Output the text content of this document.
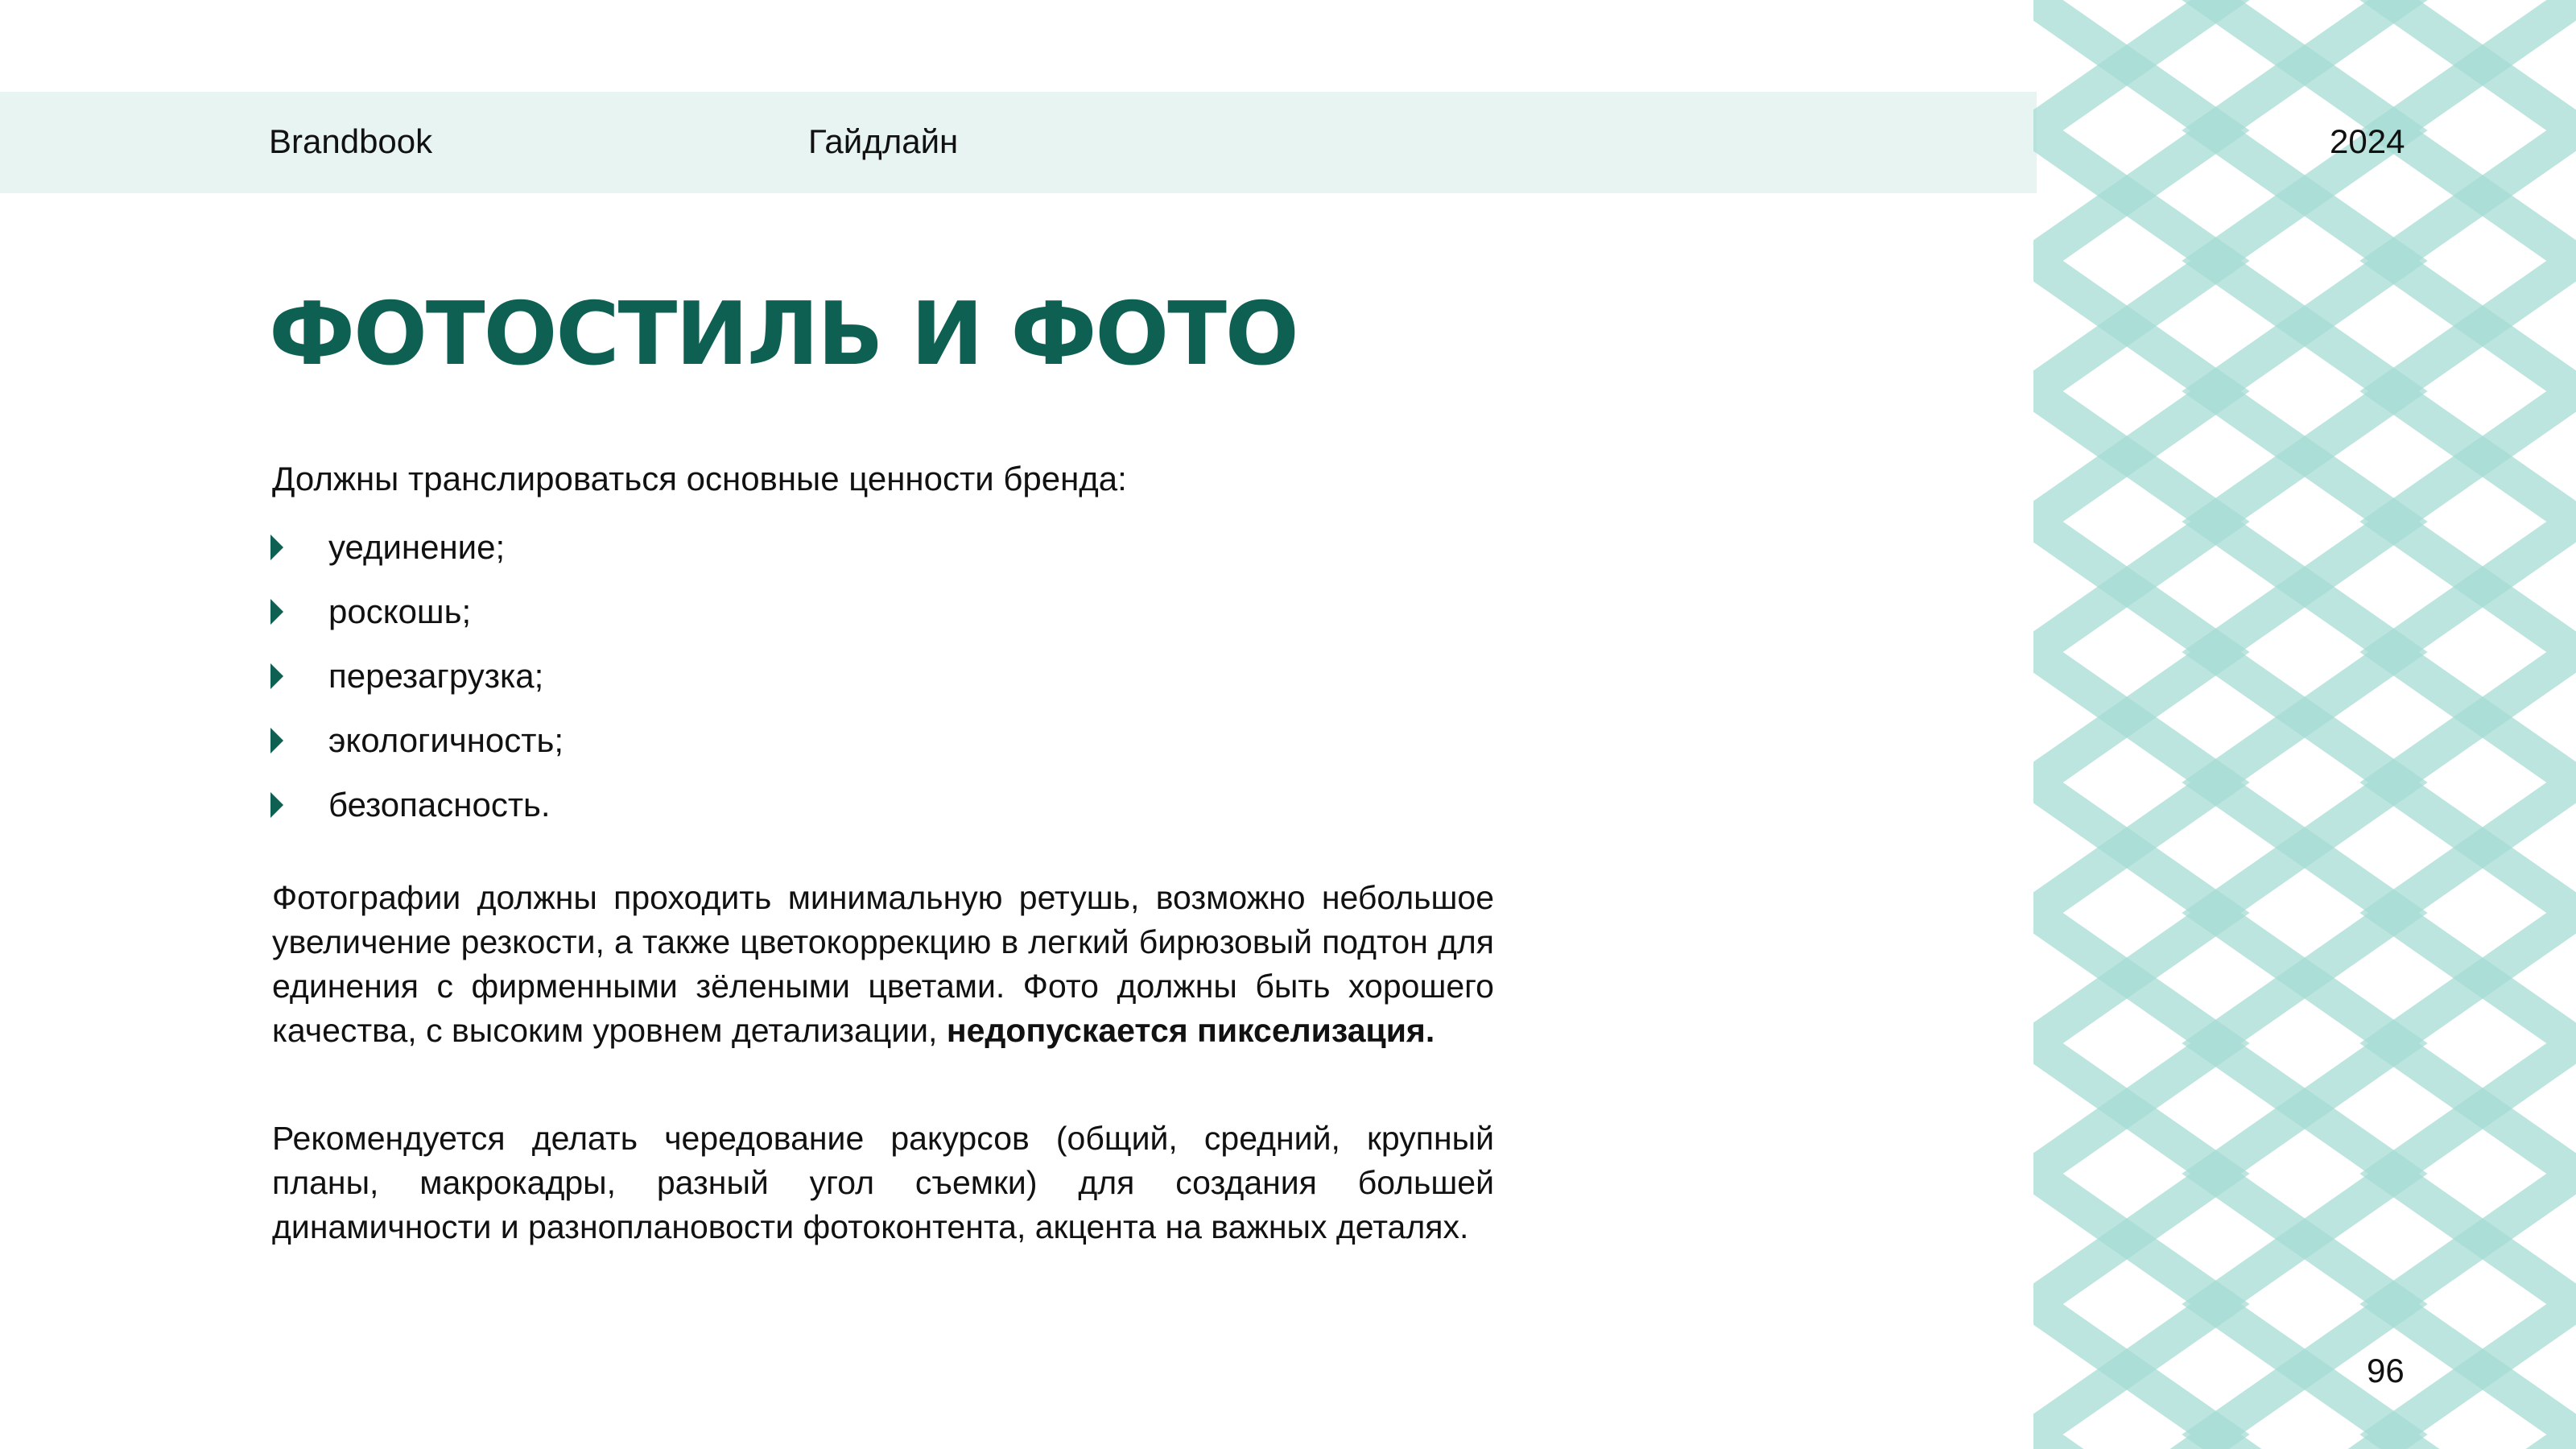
Brandbook	Гайдлайн	2024
ФОТОСТИЛЬ И ФОТО
Должны транслироваться основные ценности бренда:
уединение;
роскошь;
перезагрузка;
экологичность;
безопасность.

Фотографии должны проходить минимальную ретушь, возможно небольшое увеличение резкости, а также цветокоррекцию в легкий бирюзовый подтон для единения с фирменными зёлеными цветами. Фото должны быть хорошего качества, с высоким уровнем детализации, недопускается пикселизация.

Рекомендуется делать чередование ракурсов (общий, средний, крупный планы, макрокадры, разный угол съемки) для создания большей динамичности и разноплановости фотоконтента, акцента на важных деталях.

96
